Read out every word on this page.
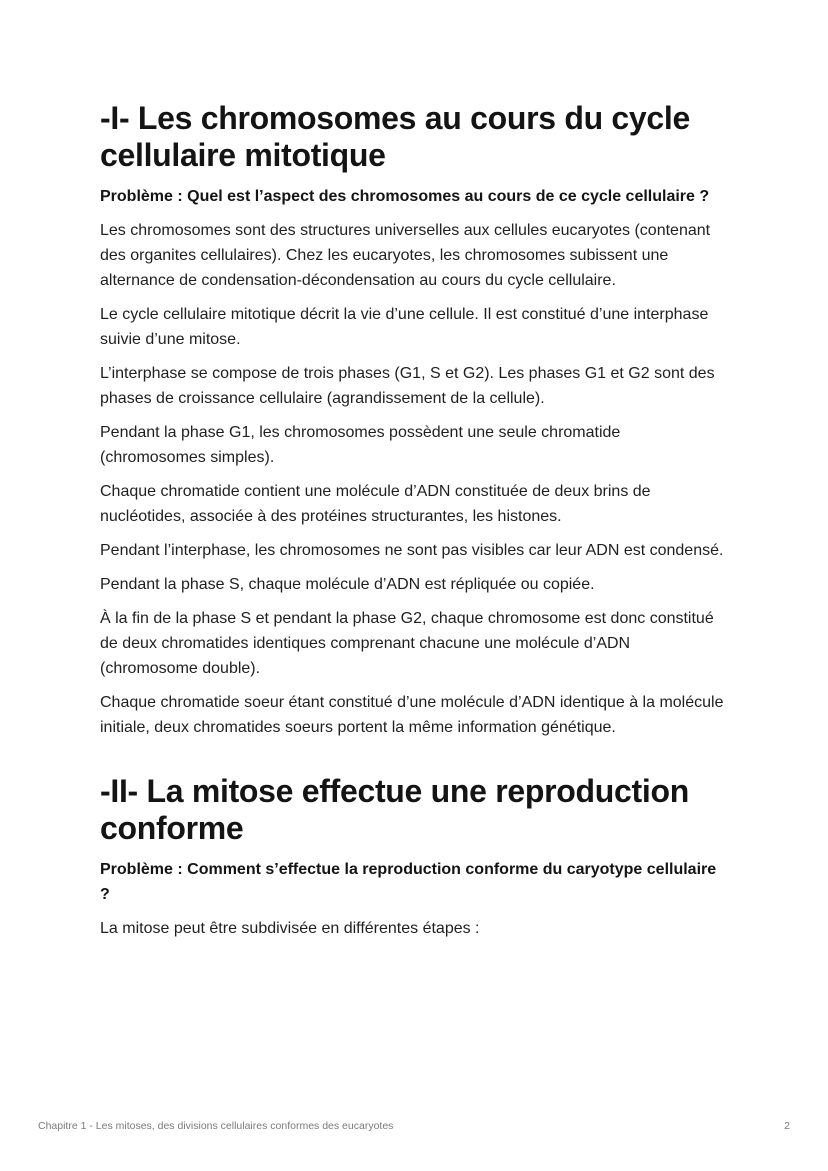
-I- Les chromosomes au cours du cycle cellulaire mitotique
Problème : Quel est l’aspect des chromosomes au cours de ce cycle cellulaire ?

Les chromosomes sont des structures universelles aux cellules eucaryotes (contenant des organites cellulaires). Chez les eucaryotes, les chromosomes subissent une alternance de condensation-décondensation au cours du cycle cellulaire.

Le cycle cellulaire mitotique décrit la vie d’une cellule. Il est constitué d’une interphase suivie d’une mitose.

L’interphase se compose de trois phases (G1, S et G2). Les phases G1 et G2 sont des phases de croissance cellulaire (agrandissement de la cellule).

Pendant la phase G1, les chromosomes possèdent une seule chromatide (chromosomes simples).

Chaque chromatide contient une molécule d’ADN constituée de deux brins de nucléotides, associée à des protéines structurantes, les histones.

Pendant l’interphase, les chromosomes ne sont pas visibles car leur ADN est condensé.

Pendant la phase S, chaque molécule d’ADN est répliquée ou copiée.

À la fin de la phase S et pendant la phase G2, chaque chromosome est donc constitué de deux chromatides identiques comprenant chacune une molécule d’ADN (chromosome double).

Chaque chromatide soeur étant constitué d’une molécule d’ADN identique à la molécule initiale, deux chromatides soeurs portent la même information génétique.

-II- La mitose effectue une reproduction conforme
Problème : Comment s’effectue la reproduction conforme du caryotype cellulaire ?

La mitose peut être subdivisée en différentes étapes :

Chapitre 1 - Les mitoses, des divisions cellulaires conformes des eucaryotes	2
